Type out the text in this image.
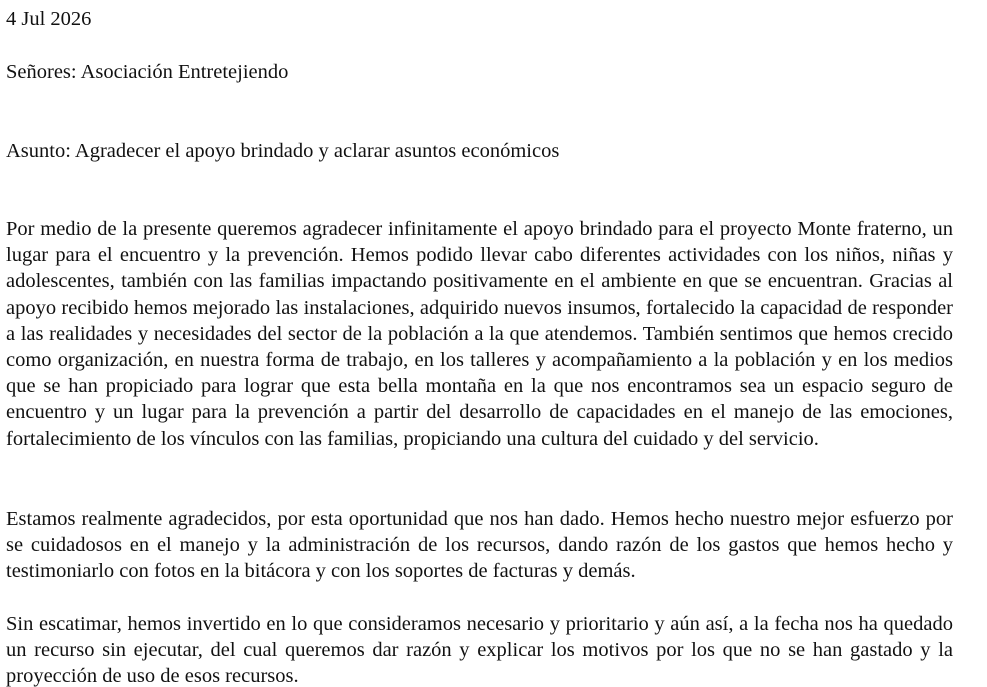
4 Jul 2026

Señores: Asociación Entretejiendo

Asunto: Agradecer el apoyo brindado y aclarar asuntos económicos

Por medio de la presente queremos agradecer infinitamente el apoyo brindado para el proyecto Monte fraterno, un lugar para el encuentro y la prevención. Hemos podido llevar cabo diferentes actividades con los niños, niñas y adolescentes, también con las familias impactando positivamente en el ambiente en que se encuentran. Gracias al apoyo recibido hemos mejorado las instalaciones, adquirido nuevos insumos, fortalecido la capacidad de responder a las realidades y necesidades del sector de la población a la que atendemos. También sentimos que hemos crecido como organización, en nuestra forma de trabajo, en los talleres y acompañamiento a la población y en los medios que se han propiciado para lograr que esta bella montaña en la que nos encontramos sea un espacio seguro de encuentro y un lugar para la prevención a partir del desarrollo de capacidades en el manejo de las emociones, fortalecimiento de los vínculos con las familias, propiciando una cultura del cuidado y del servicio.

Estamos realmente agradecidos, por esta oportunidad que nos han dado. Hemos hecho nuestro mejor esfuerzo por se cuidadosos en el manejo y la administración de los recursos, dando razón de los gastos que hemos hecho y testimoniarlo con fotos en la bitácora y con los soportes de facturas y demás.

Sin escatimar, hemos invertido en lo que consideramos necesario y prioritario y aún así, a la fecha nos ha quedado un recurso sin ejecutar, del cual queremos dar razón y explicar los motivos por los que no se han gastado y la proyección de uso de esos recursos.
